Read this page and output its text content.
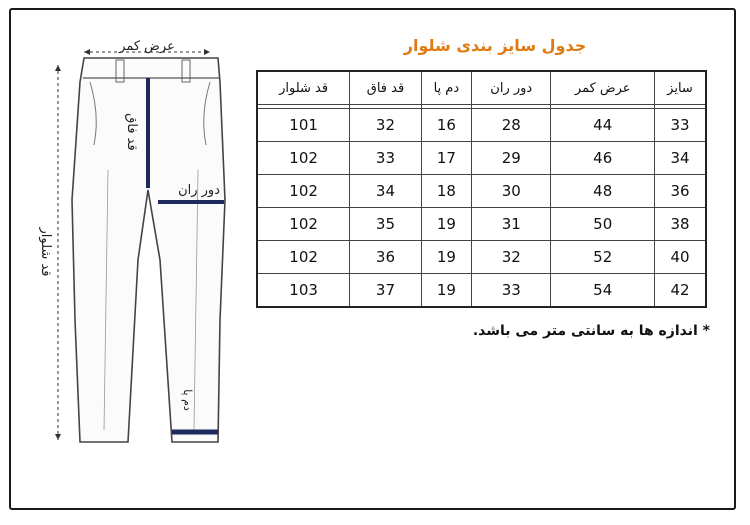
عرض کمر
دور ران
قد فاق
قد شلوار
دم پا
جدول سایز بندی شلوار
سایز	عرض کمر	دور ران	دم پا	قد فاق	قد شلوار

33	44	28	16	32	101
34	46	29	17	33	102
36	48	30	18	34	102
38	50	31	19	35	102
40	52	32	19	36	102
42	54	33	19	37	103
* اندازه ها به سانتی متر می باشد.
